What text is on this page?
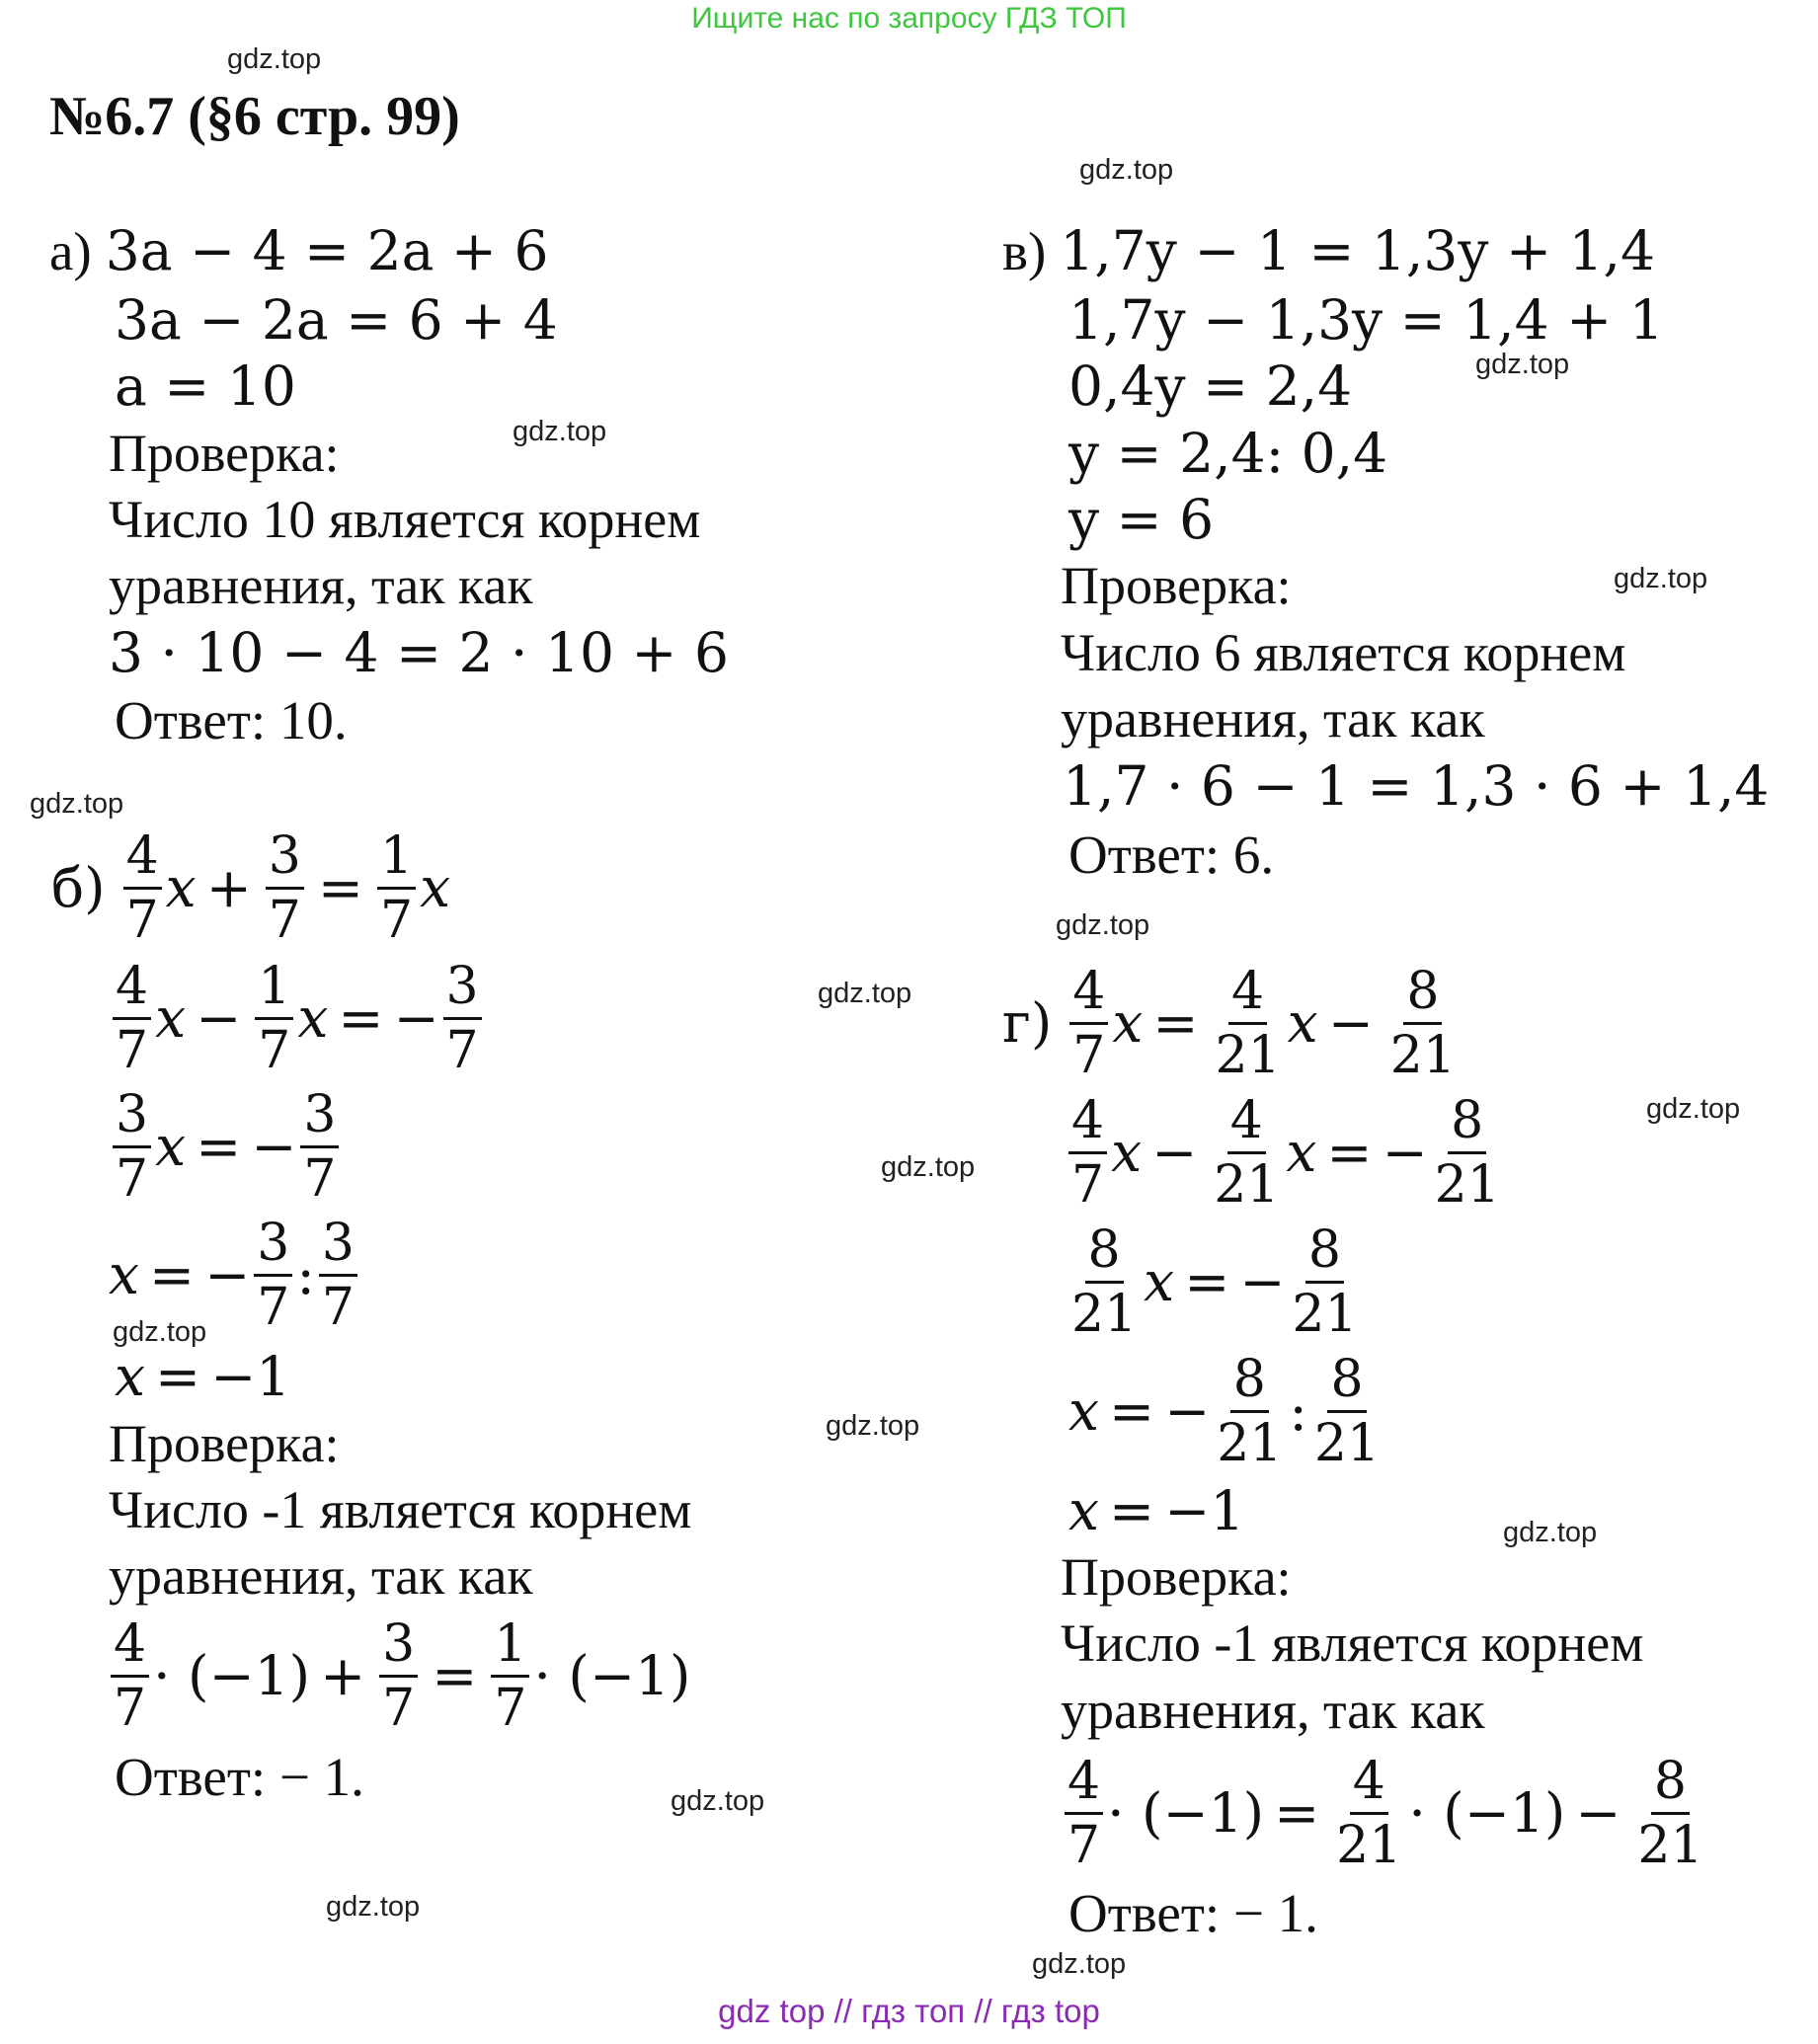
Ищите нас по запросу ГДЗ ТОП
№6.7 (§6 стр. 99)
gdz.top
gdz.top
gdz.top
gdz.top
gdz.top
gdz.top
gdz.top
gdz.top
gdz.top
gdz.top
gdz.top
gdz.top
gdz.top
gdz.top
gdz.top
gdz.top
а) 3a − 4 = 2a + 6
3a − 2a = 6 + 4
a = 10
Проверка:
Число 10 является корнем
уравнения, так как
3 · 10 − 4 = 2 · 10 + 6
Ответ: 10.
$б) \frac{4}{7}$ $x + \frac{3}{7} = \frac{1}{7}$ x
$\frac{4}{7}$ $x - \frac{1}{7}$ x = − $\frac{3}{7}$
$\frac{3}{7}$ x = − $\frac{3}{7}$
x = − $\frac{3}{7}$ : $\frac{3}{7}$
x = −1
Проверка:
Число -1 является корнем
уравнения, так как
$\frac{4}{7} \cdot (-1) + \frac{3}{7} = \frac{1}{7} \cdot (-1)$
Ответ: − 1.
в) 1,7y − 1 = 1,3y + 1,4
1,7y − 1,3y = 1,4 + 1
0,4y = 2,4
y = 2,4: 0,4
y = 6
Проверка:
Число 6 является корнем
уравнения, так как
1,7 · 6 − 1 = 1,3 · 6 + 1,4
Ответ: 6.
$г) \frac{4}{7}$ $x = \frac{4}{21}$ $x - \frac{8}{21}$
$\frac{4}{7}$ $x - \frac{4}{21}$ x = − $\frac{8}{21}$
$\frac{8}{21}$ x = − $\frac{8}{21}$
x = − $\frac{8}{21}$ : $\frac{8}{21}$
x = −1
Проверка:
Число -1 является корнем
уравнения, так как
$\frac{4}{7} \cdot (-1) = \frac{4}{21} \cdot (-1) - \frac{8}{21}$
Ответ: − 1.
gdz top // гдз топ // гдз top
